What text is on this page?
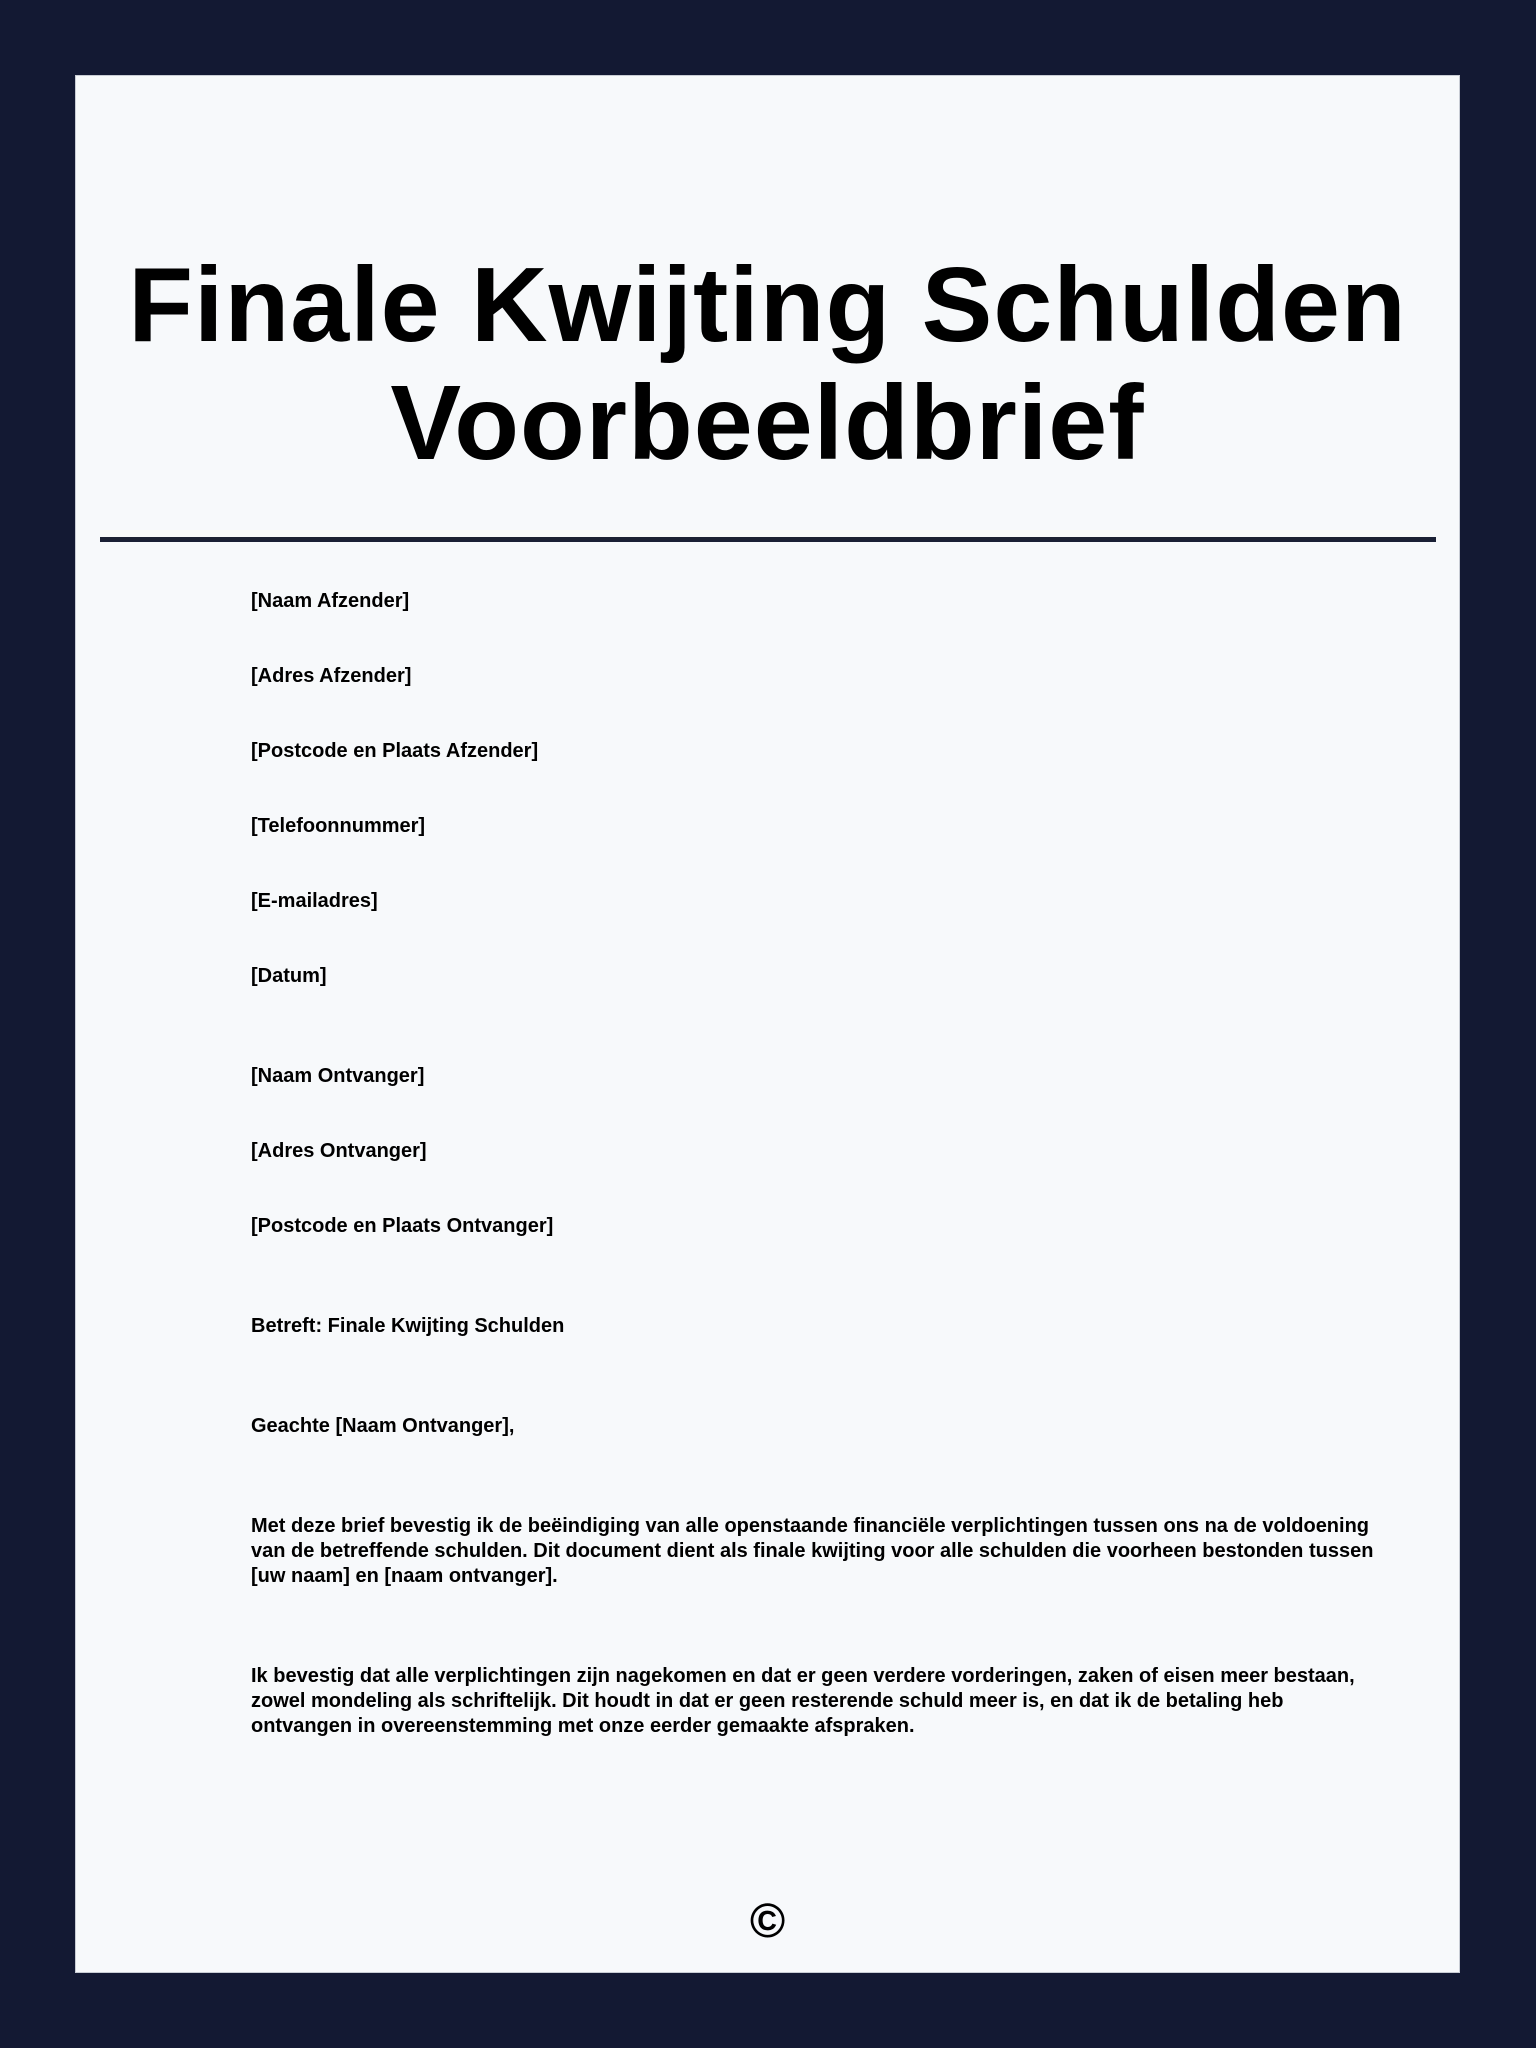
Finale Kwijting Schulden
Voorbeeldbrief

[Naam Afzender]

[Adres Afzender]

[Postcode en Plaats Afzender]

[Telefoonnummer]

[E-mailadres]

[Datum]

[Naam Ontvanger]

[Adres Ontvanger]

[Postcode en Plaats Ontvanger]

Betreft: Finale Kwijting Schulden

Geachte [Naam Ontvanger],

Met deze brief bevestig ik de beëindiging van alle openstaande financiële verplichtingen tussen ons na de voldoening van de betreffende schulden. Dit document dient als finale kwijting voor alle schulden die voorheen bestonden tussen [uw naam] en [naam ontvanger].

Ik bevestig dat alle verplichtingen zijn nagekomen en dat er geen verdere vorderingen, zaken of eisen meer bestaan, zowel mondeling als schriftelijk. Dit houdt in dat er geen resterende schuld meer is, en dat ik de betaling heb ontvangen in overeenstemming met onze eerder gemaakte afspraken.

©
